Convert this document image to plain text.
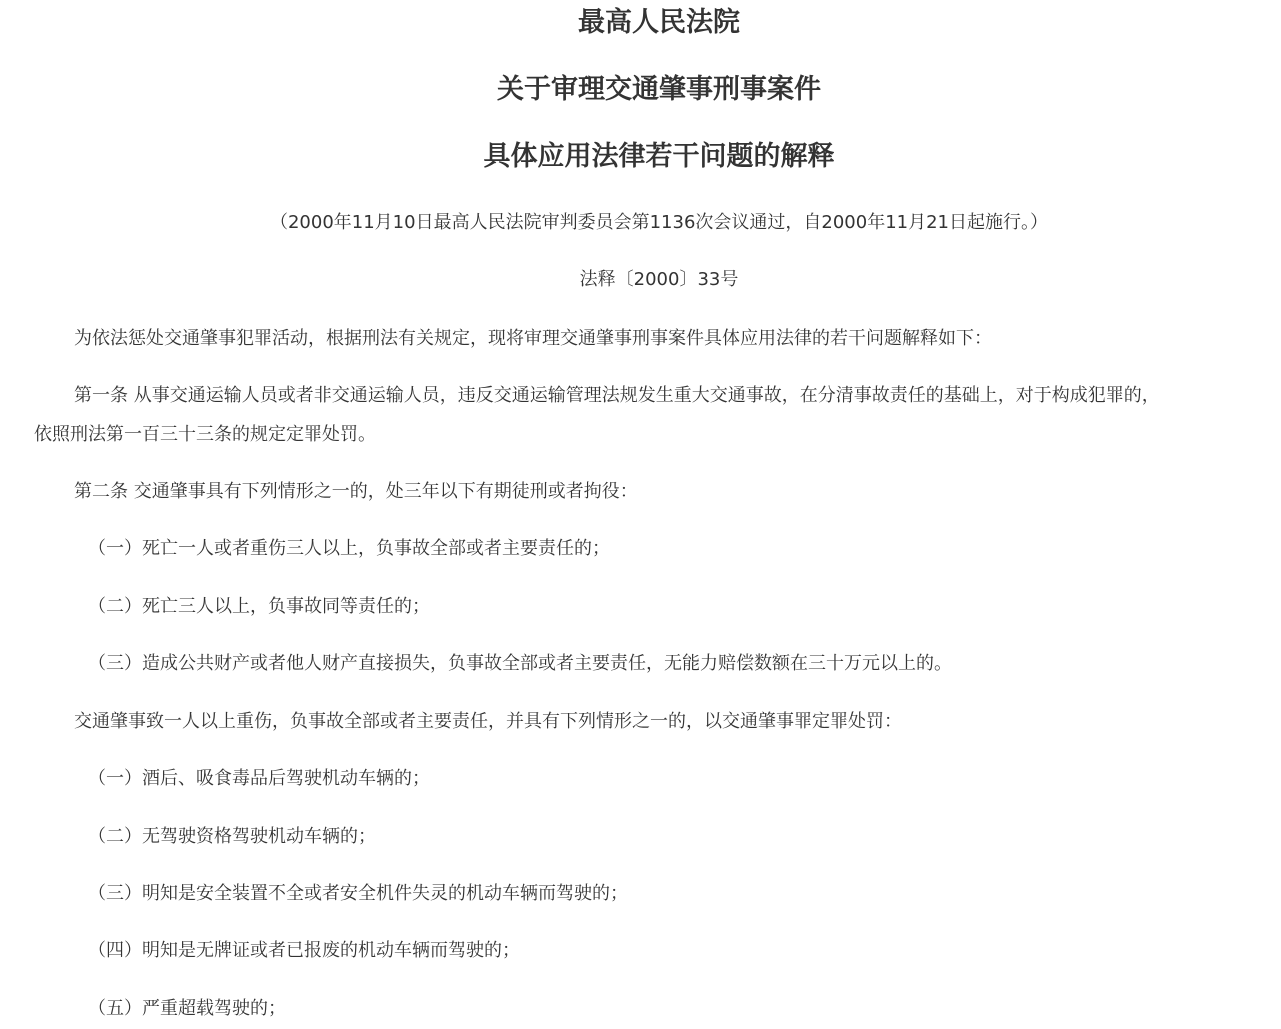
最高人民法院
关于审理交通肇事刑事案件
具体应用法律若干问题的解释
（2000年11月10日最高人民法院审判委员会第1136次会议通过，自2000年11月21日起施行。）
法释〔2000〕33号

为依法惩处交通肇事犯罪活动，根据刑法有关规定，现将审理交通肇事刑事案件具体应用法律的若干问题解释如下：

第一条 从事交通运输人员或者非交通运输人员，违反交通运输管理法规发生重大交通事故，在分清事故责任的基础上，对于构成犯罪的，

依照刑法第一百三十三条的规定定罪处罚。

第二条 交通肇事具有下列情形之一的，处三年以下有期徒刑或者拘役：

（一）死亡一人或者重伤三人以上，负事故全部或者主要责任的；

（二）死亡三人以上，负事故同等责任的；

（三）造成公共财产或者他人财产直接损失，负事故全部或者主要责任，无能力赔偿数额在三十万元以上的。

交通肇事致一人以上重伤，负事故全部或者主要责任，并具有下列情形之一的，以交通肇事罪定罪处罚：

（一）酒后、吸食毒品后驾驶机动车辆的；

（二）无驾驶资格驾驶机动车辆的；

（三）明知是安全装置不全或者安全机件失灵的机动车辆而驾驶的；

（四）明知是无牌证或者已报废的机动车辆而驾驶的；

（五）严重超载驾驶的；
